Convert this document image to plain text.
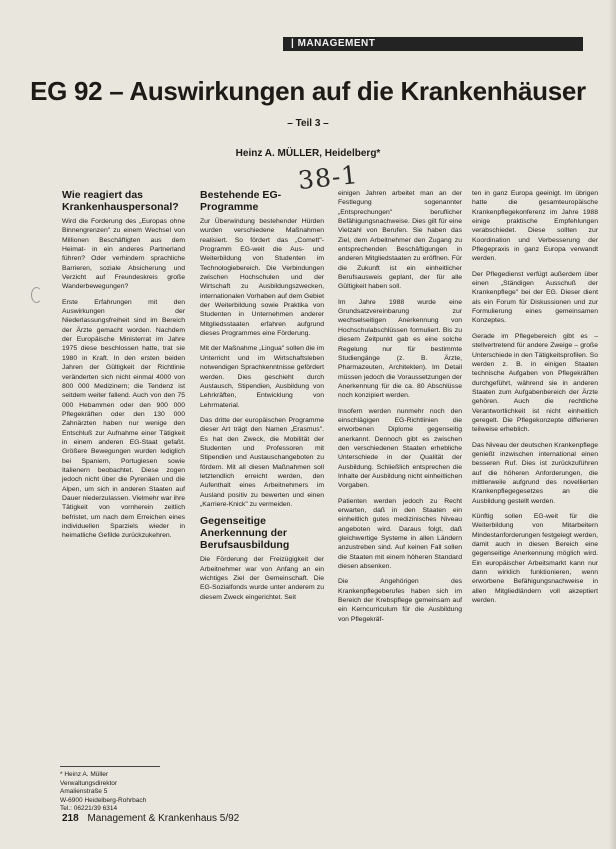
| MANAGEMENT
EG 92 – Auswirkungen auf die Krankenhäuser
– Teil 3 –
Heinz A. MÜLLER, Heidelberg*
38-1
Wie reagiert das Krankenhauspersonal?

Wird die Forderung des „Europas ohne Binnengrenzen" zu einem Wechsel von Millionen Beschäftigten aus dem Heimat- in ein anderes Partnerland führen? Oder verhindern sprachliche Barrieren, soziale Absicherung und Verzicht auf Freundeskreis große Wanderbewegungen?

Erste Erfahrungen mit den Auswirkungen der Niederlassungsfreiheit sind im Bereich der Ärzte gemacht worden. Nachdem der Europäische Ministerrat im Jahre 1975 diese beschlossen hatte, trat sie 1980 in Kraft. In den ersten beiden Jahren der Gültigkeit der Richtlinie veränderten sich nicht einmal 4000 von 800 000 Medizinern; die Tendenz ist seitdem weiter fallend. Auch von den 75 000 Hebammen oder den 900 000 Pflegekräften oder den 130 000 Zahnärzten haben nur wenige den Entschluß zur Aufnahme einer Tätigkeit in einem anderen EG-Staat gefaßt. Größere Bewegungen wurden lediglich bei Spaniern, Portugiesen sowie Italienern beobachtet. Diese zogen jedoch nicht über die Pyrenäen und die Alpen, um sich in anderen Staaten auf Dauer niederzulassen. Vielmehr war ihre Tätigkeit von vornherein zeitlich befristet, um nach dem Erreichen eines individuellen Sparziels wieder in heimatliche Gefilde zurückzukehren.

Bestehende EG-Programme

Zur Überwindung bestehender Hürden wurden verschiedene Maßnahmen realisiert. So fördert das „Comett"-Programm EG-weit die Aus- und Weiterbildung von Studenten im Technologiebereich. Die Verbindungen zwischen Hochschulen und der Wirtschaft zu Ausbildungszwecken, internationalen Vorhaben auf dem Gebiet der Weiterbildung sowie Praktika von Studenten in Unternehmen anderer Mitgliedsstaaten erfahren aufgrund dieses Programmes eine Förderung.

Mit der Maßnahme „Lingua" sollen die im Unterricht und im Wirtschaftsleben notwendigen Sprachkenntnisse gefördert werden. Dies geschieht durch Austausch, Stipendien, Ausbildung von Lehrkräften, Entwicklung von Lehrmaterial.

Das dritte der europäischen Programme dieser Art trägt den Namen „Erasmus". Es hat den Zweck, die Mobilität der Studenten und Professoren mit Stipendien und Austauschangeboten zu fördern. Mit all diesen Maßnahmen soll letztendlich erreicht werden, den Aufenthalt eines Arbeitnehmers im Ausland positiv zu bewerten und einen „Karriere-Knick" zu vermeiden.

Gegenseitige Anerkennung der Berufsausbildung

Die Förderung der Freizügigkeit der Arbeitnehmer war von Anfang an ein wichtiges Ziel der Gemeinschaft. Die EG-Sozialfonds wurde unter anderem zu diesem Zweck eingerichtet. Seit

einigen Jahren arbeitet man an der Festlegung sogenannter „Entsprechungen" beruflicher Befähigungsnachweise. Dies gilt für eine Vielzahl von Berufen. Sie haben das Ziel, dem Arbeitnehmer den Zugang zu entsprechenden Beschäftigungen in anderen Mitgliedstaaten zu eröffnen. Für die Zukunft ist ein einheitlicher Berufsausweis geplant, der für alle Gültigkeit haben soll.

Im Jahre 1988 wurde eine Grundsatzvereinbarung zur wechselseitigen Anerkennung von Hochschulabschlüssen formuliert. Bis zu diesem Zeitpunkt gab es eine solche Regelung nur für bestimmte Studiengänge (z. B. Ärzte, Pharmazeuten, Architekten). Im Detail müssen jedoch die Voraussetzungen der Anerkennung für die ca. 80 Abschlüsse noch konzipiert werden.

Insofern werden nunmehr noch den einschlägigen EG-Richtlinien die erworbenen Diplome gegenseitig anerkannt. Dennoch gibt es zwischen den verschiedenen Staaten erhebliche Unterschiede in der Qualität der Ausbildung. Schließlich entsprechen die Inhalte der Ausbildung nicht einheitlichen Vorgaben.

Patienten werden jedoch zu Recht erwarten, daß in den Staaten ein einheitlich gutes medizinisches Niveau angeboten wird. Daraus folgt, daß gleichwertige Systeme in allen Ländern anzustreben sind. Auf keinen Fall sollen die Staaten mit einem höheren Standard diesen absenken.

Die Angehörigen des Krankenpflegeberufes haben sich im Bereich der Krebspflege gemeinsam auf ein Kerncurriculum für die Ausbildung von Pflegekräf-

ten in ganz Europa geeinigt. Im übrigen hatte die gesamteuropäische Krankenpflegekonferenz im Jahre 1988 einige praktische Empfehlungen verabschiedet. Diese sollten zur Koordination und Verbesserung der Pflegepraxis in ganz Europa verwandt werden.

Der Pflegedienst verfügt außerdem über einen „Ständigen Ausschuß der Krankenpflege" bei der EG. Dieser dient als ein Forum für Diskussionen und zur Formulierung eines gemeinsamen Konzeptes.

Gerade im Pflegebereich gibt es – stellvertretend für andere Zweige – große Unterschiede in den Tätigkeitsprofilen. So werden z. B. in einigen Staaten technische Aufgaben von Pflegekräften durchgeführt, während sie in anderen Staaten zum Aufgabenbereich der Ärzte gehören. Auch die rechtliche Verantwortlichkeit ist nicht einheitlich geregelt. Die Pflegekonzepte differieren teilweise erheblich.

Das Niveau der deutschen Krankenpflege genießt inzwischen international einen besseren Ruf. Dies ist zurückzuführen auf die höheren Anforderungen, die mittlerweile aufgrund des novellierten Krankenpflegegesetzes an die Ausbildung gestellt werden.

Künftig sollen EG-weit für die Weiterbildung von Mitarbeitern Mindestanforderungen festgelegt werden, damit auch in diesen Bereich eine gegenseitige Anerkennung möglich wird. Ein europäischer Arbeitsmarkt kann nur dann wirklich funktionieren, wenn erworbene Befähigungsnachweise in allen Mitgliedländern voll akzeptiert werden.

* Heinz A. Müller
Verwaltungsdirektor
Amalienstraße 5
W-6900 Heidelberg-Rohrbach
Tel.: 06221/39 6314
218 Management & Krankenhaus 5/92
